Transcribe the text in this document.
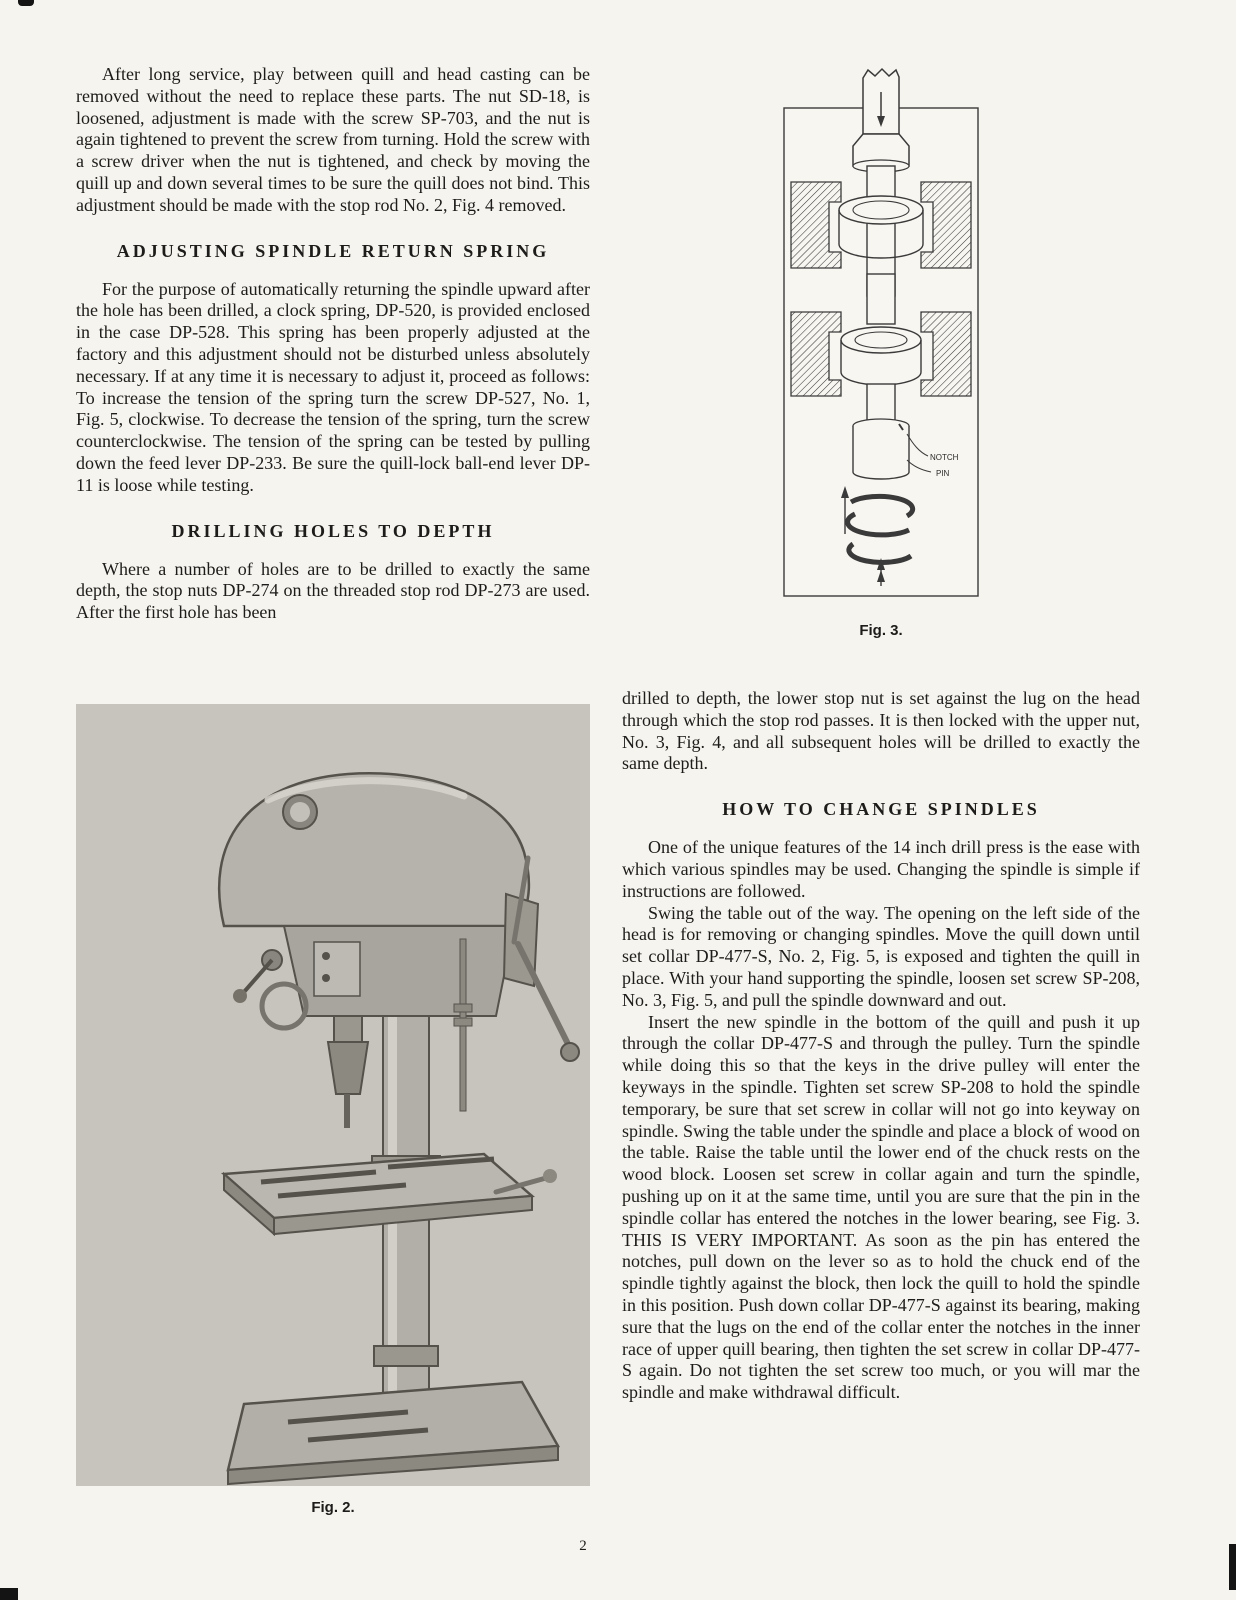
After long service, play between quill and head casting can be removed without the need to replace these parts. The nut SD-18, is loosened, adjustment is made with the screw SP-703, and the nut is again tightened to prevent the screw from turning. Hold the screw with a screw driver when the nut is tightened, and check by moving the quill up and down several times to be sure the quill does not bind. This adjustment should be made with the stop rod No. 2, Fig. 4 removed.

ADJUSTING SPINDLE RETURN SPRING

For the purpose of automatically returning the spindle upward after the hole has been drilled, a clock spring, DP-520, is provided enclosed in the case DP-528. This spring has been properly adjusted at the factory and this adjustment should not be disturbed unless absolutely necessary. If at any time it is necessary to adjust it, proceed as follows: To increase the tension of the spring turn the screw DP-527, No. 1, Fig. 5, clockwise. To decrease the tension of the spring, turn the screw counterclockwise. The tension of the spring can be tested by pulling down the feed lever DP-233. Be sure the quill-lock ball-end lever DP-11 is loose while testing.

DRILLING HOLES TO DEPTH

Where a number of holes are to be drilled to exactly the same depth, the stop nuts DP-274 on the threaded stop rod DP-273 are used. After the first hole has been

Fig. 2.
NOTCH
PIN
Fig. 3.

drilled to depth, the lower stop nut is set against the lug on the head through which the stop rod passes. It is then locked with the upper nut, No. 3, Fig. 4, and all subsequent holes will be drilled to exactly the same depth.

HOW TO CHANGE SPINDLES

One of the unique features of the 14 inch drill press is the ease with which various spindles may be used. Changing the spindle is simple if instructions are followed.

Swing the table out of the way. The opening on the left side of the head is for removing or changing spindles. Move the quill down until set collar DP-477-S, No. 2, Fig. 5, is exposed and tighten the quill in place. With your hand supporting the spindle, loosen set screw SP-208, No. 3, Fig. 5, and pull the spindle downward and out.

Insert the new spindle in the bottom of the quill and push it up through the collar DP-477-S and through the pulley. Turn the spindle while doing this so that the keys in the drive pulley will enter the keyways in the spindle. Tighten set screw SP-208 to hold the spindle temporary, be sure that set screw in collar will not go into keyway on spindle. Swing the table under the spindle and place a block of wood on the table. Raise the table until the lower end of the chuck rests on the wood block. Loosen set screw in collar again and turn the spindle, pushing up on it at the same time, until you are sure that the pin in the spindle collar has entered the notches in the lower bearing, see Fig. 3. THIS IS VERY IMPORTANT. As soon as the pin has entered the notches, pull down on the lever so as to hold the chuck end of the spindle tightly against the block, then lock the quill to hold the spindle in this position. Push down collar DP-477-S against its bearing, making sure that the lugs on the end of the collar enter the notches in the inner race of upper quill bearing, then tighten the set screw in collar DP-477-S again. Do not tighten the set screw too much, or you will mar the spindle and make withdrawal difficult.

2
